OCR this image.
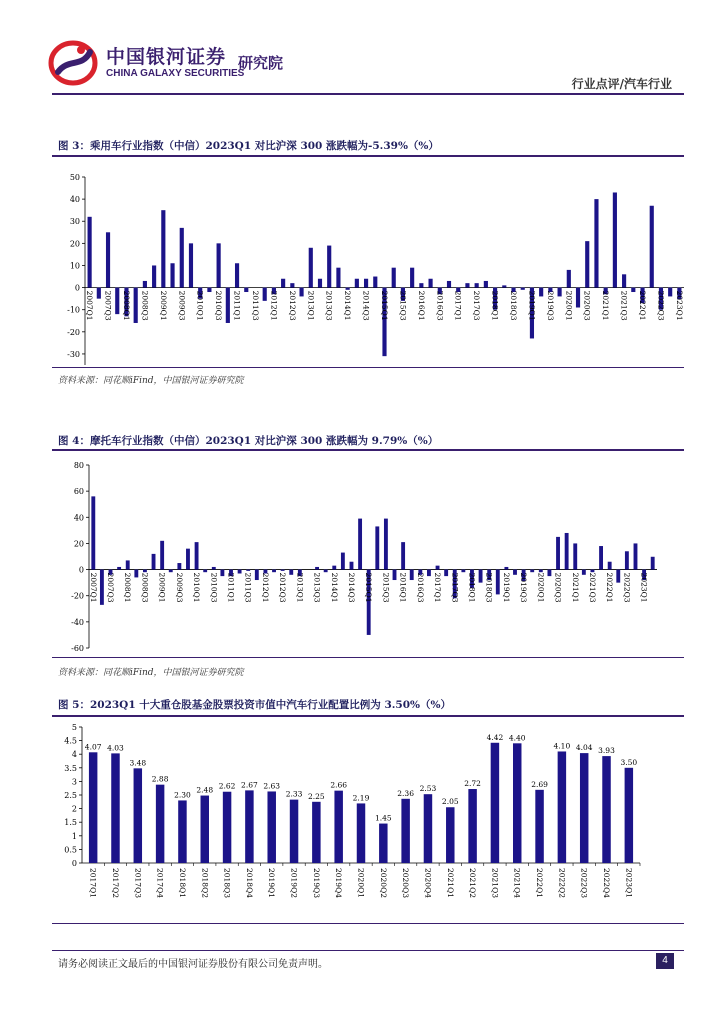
中国银河证券 研究院
CHINA GALAXY SECURITIES
行业点评/汽车行业
图 3：乘用车行业指数（中信）2023Q1 对比沪深 300 涨跌幅为-5.39%（%）
50
40
30
20
10
0
-10
-20
-30
2007Q1 2007Q3 2008Q1 2008Q3 2009Q1 2009Q3 2010Q1 2010Q3 2011Q1 2011Q3 2012Q1 2012Q3 2013Q1 2013Q3 2014Q1 2014Q3 2015Q1 2015Q3 2016Q1 2016Q3 2017Q1 2017Q3 2018Q1 2018Q3 2019Q1 2019Q3 2020Q1 2020Q3 2021Q1 2021Q3 2022Q1 2022Q3 2023Q1
资料来源：同花顺iFind，中国银河证券研究院
图 4：摩托车行业指数（中信）2023Q1 对比沪深 300 涨跌幅为 9.79%（%）
80
60
40
20
0
-20
-40
-60
2007Q1 2007Q3 2008Q1 2008Q3 2009Q1 2009Q3 2010Q1 2010Q3 2011Q1 2011Q3 2012Q1 2012Q3 2013Q1 2013Q3 2014Q1 2014Q3 2015Q1 2015Q3 2016Q1 2016Q3 2017Q1 2017Q3 2018Q1 2018Q3 2019Q1 2019Q3 2020Q1 2020Q3 2021Q1 2021Q3 2022Q1 2022Q3 2023Q1
资料来源：同花顺iFind，中国银河证券研究院
图 5：2023Q1 十大重仓股基金股票投资市值中汽车行业配置比例为 3.50%（%）
5
4.5
4
3.5
3
2.5
2
1.5
1
0.5
0
4.07
2017Q1
4.03
2017Q2
3.48
2017Q3
2.88
2017Q4
2.30
2018Q1
2.48
2018Q2
2.62
2018Q3
2.67
2018Q4
2.63
2019Q1
2.33
2019Q2
2.25
2019Q3
2.66
2019Q4
2.19
2020Q1
1.45
2020Q2
2.36
2020Q3
2.53
2020Q4
2.05
2021Q1
2.72
2021Q2
4.42
2021Q3
4.40
2021Q4
2.69
2022Q1
4.10
2022Q2
4.04
2022Q3
3.93
2022Q4
3.50
2023Q1
请务必阅读正文最后的中国银河证券股份有限公司免责声明。	4
